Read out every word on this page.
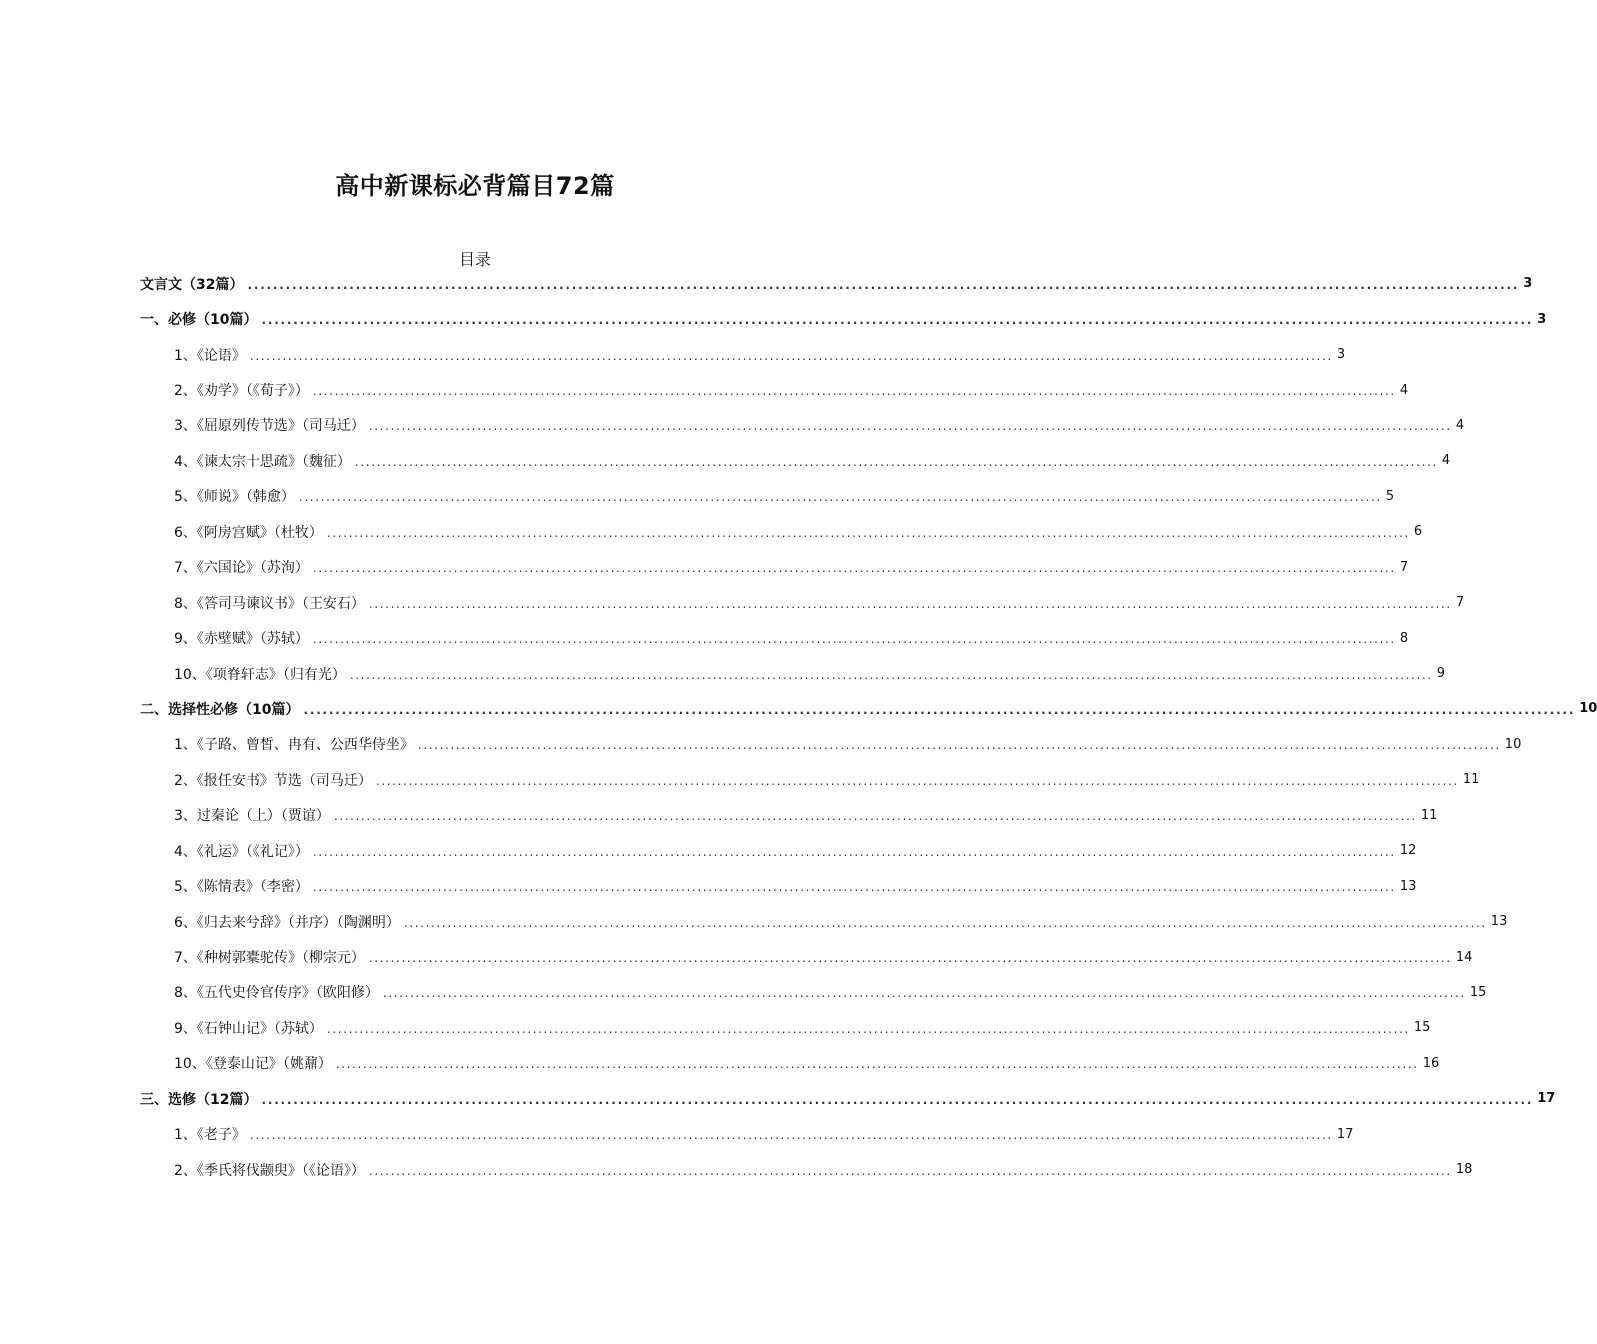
高中新课标必背篇目72篇
目录
文言文（32篇） ........................................................................................................................................................................................................ 3
一、必修（10篇） ........................................................................................................................................................................................................ 3
1、《论语》 ........................................................................................................................................................................................................ 3
2、《劝学》（《荀子》） ........................................................................................................................................................................................................ 4
3、《屈原列传节选》（司马迁） ........................................................................................................................................................................................................ 4
4、《谏太宗十思疏》（魏征） ........................................................................................................................................................................................................ 4
5、《师说》（韩愈） ........................................................................................................................................................................................................ 5
6、《阿房宫赋》（杜牧） ........................................................................................................................................................................................................ 6
7、《六国论》（苏洵） ........................................................................................................................................................................................................ 7
8、《答司马谏议书》（王安石） ........................................................................................................................................................................................................ 7
9、《赤壁赋》（苏轼） ........................................................................................................................................................................................................ 8
10、《项脊轩志》（归有光） ........................................................................................................................................................................................................ 9
二、选择性必修（10篇） ........................................................................................................................................................................................................ 10
1、《子路、曾皙、冉有、公西华侍坐》 ........................................................................................................................................................................................................ 10
2、《报任安书》节选（司马迁） ........................................................................................................................................................................................................ 11
3、过秦论（上）（贾谊） ........................................................................................................................................................................................................ 11
4、《礼运》（《礼记》） ........................................................................................................................................................................................................ 12
5、《陈情表》（李密） ........................................................................................................................................................................................................ 13
6、《归去来兮辞》（并序）（陶渊明） ........................................................................................................................................................................................................ 13
7、《种树郭橐驼传》（柳宗元） ........................................................................................................................................................................................................ 14
8、《五代史伶官传序》（欧阳修） ........................................................................................................................................................................................................ 15
9、《石钟山记》（苏轼） ........................................................................................................................................................................................................ 15
10、《登泰山记》（姚鼐） ........................................................................................................................................................................................................ 16
三、选修（12篇） ........................................................................................................................................................................................................ 17
1、《老子》 ........................................................................................................................................................................................................ 17
2、《季氏将伐颛臾》（《论语》） ........................................................................................................................................................................................................ 18
